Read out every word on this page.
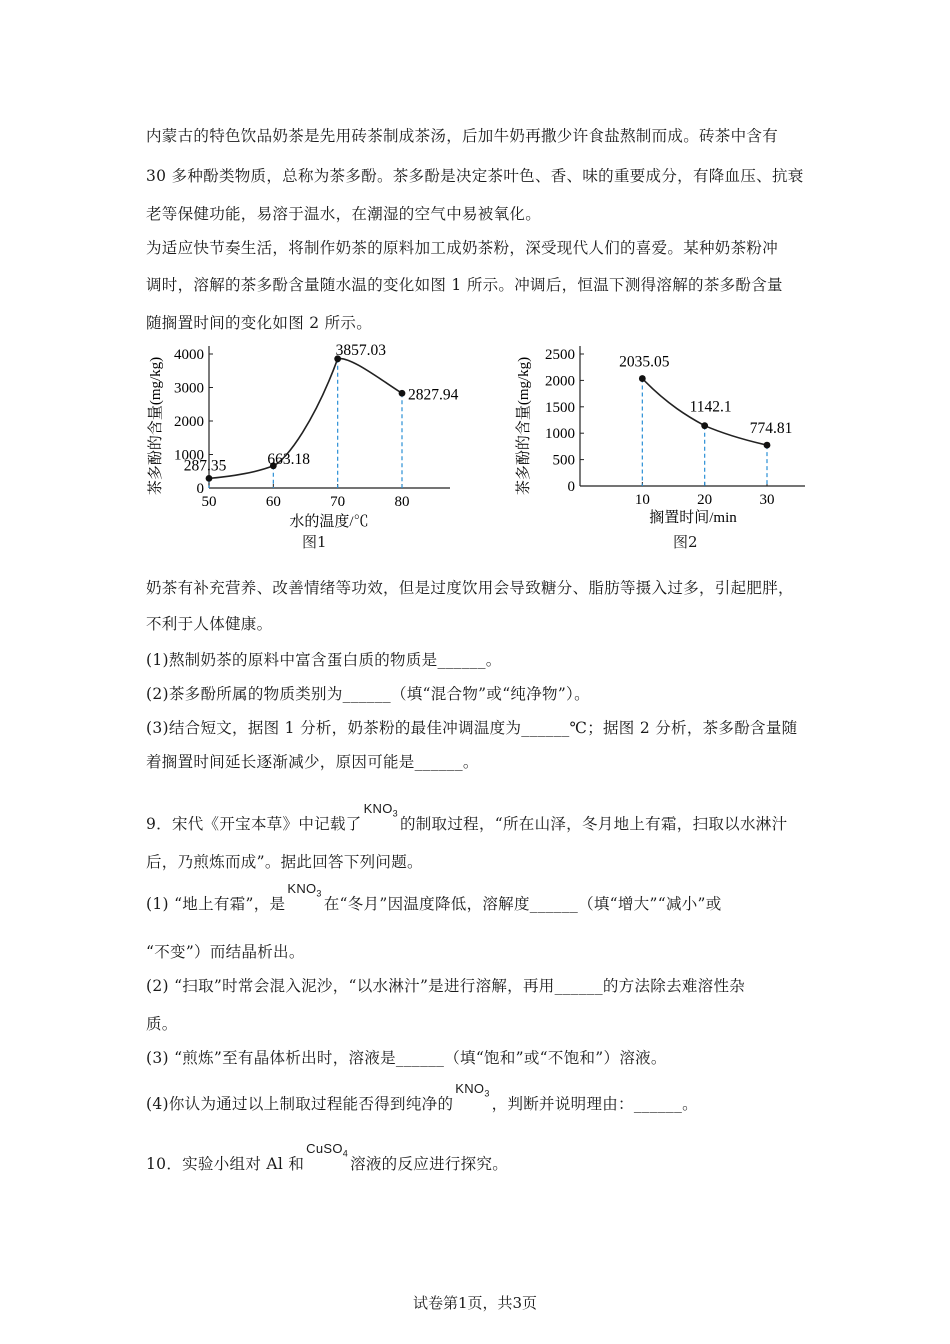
内蒙古的特色饮品奶茶是先用砖茶制成茶汤，后加牛奶再撒少许食盐熬制而成。砖茶中含有
30 多种酚类物质，总称为茶多酚。茶多酚是决定茶叶色、香、味的重要成分，有降血压、抗衰
老等保健功能，易溶于温水，在潮湿的空气中易被氧化。
为适应快节奏生活，将制作奶茶的原料加工成奶茶粉，深受现代人们的喜爱。某种奶茶粉冲
调时，溶解的茶多酚含量随水温的变化如图 1 所示。冲调后，恒温下测得溶解的茶多酚含量
随搁置时间的变化如图 2 所示。
0
1000
2000
3000
4000
50	60	70	80
287.35	663.18
3857.03
2827.94
茶多酚的含量(mg/kg)
水的温度/℃
图1
0
500
1000
1500
2000
2500
10	20	30
2035.05
1142.1
774.81
茶多酚的含量(mg/kg)
搁置时间/min
图2
奶茶有补充营养、改善情绪等功效，但是过度饮用会导致糖分、脂肪等摄入过多，引起肥胖，
不利于人体健康。
(1)熬制奶茶的原料中富含蛋白质的物质是______。
(2)茶多酚所属的物质类别为______（填“混合物”或“纯净物”）。
(3)结合短文，据图 1 分析，奶茶粉的最佳冲调温度为______℃；据图 2 分析，茶多酚含量随
着搁置时间延长逐渐减少，原因可能是______。
9．宋代《开宝本草》中记载了$KNO_3$的制取过程，“所在山泽，冬月地上有霜，扫取以水淋汁
后，乃煎炼而成”。据此回答下列问题。
(1) “地上有霜”，是$KNO_3$在“冬月”因温度降低，溶解度______（填“增大”“减小”或
“不变”）而结晶析出。
(2) “扫取”时常会混入泥沙，“以水淋汁”是进行溶解，再用______的方法除去难溶性杂
质。
(3) “煎炼”至有晶体析出时，溶液是______（填“饱和”或“不饱和”）溶液。
(4)你认为通过以上制取过程能否得到纯净的$KNO_3$，判断并说明理由：______。
10．实验小组对 Al 和CuSO$_4$溶液的反应进行探究。
试卷第1页，共3页
